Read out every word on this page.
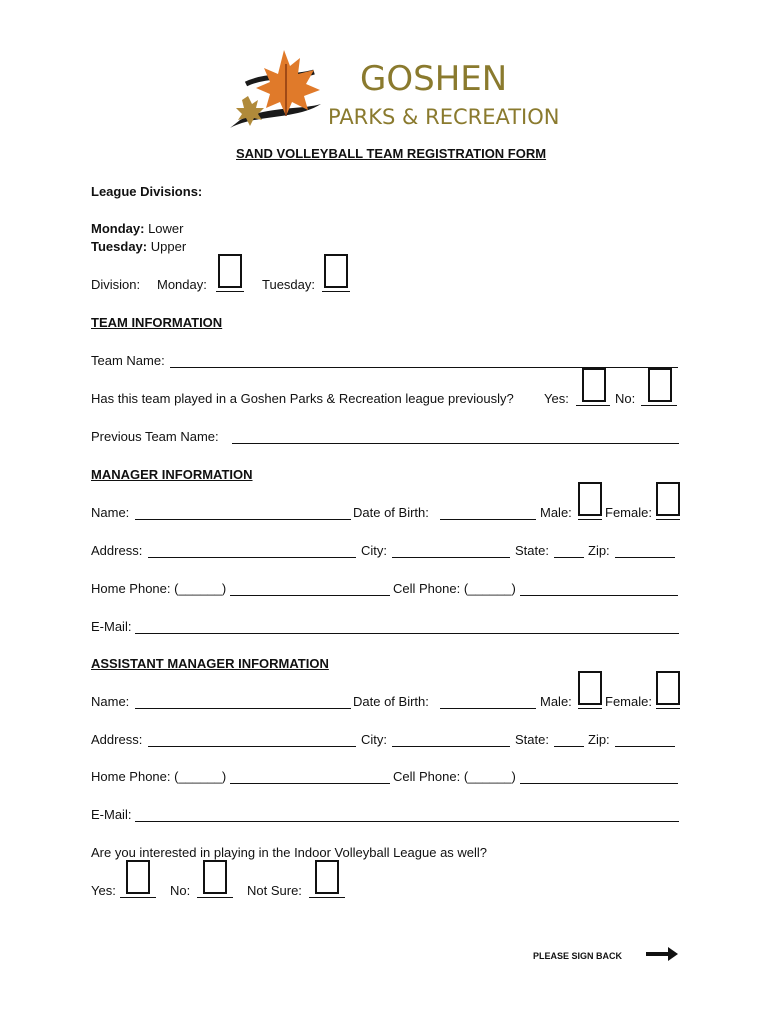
GOSHEN
PARKS & RECREATION
SAND VOLLEYBALL TEAM REGISTRATION FORM
League Divisions:
Monday: Lower
Tuesday: Upper
Division: Monday:	Tuesday:
TEAM INFORMATION
Team Name:
Has this team played in a Goshen Parks & Recreation league previously? Yes:	No:
Previous Team Name:
MANAGER INFORMATION
Name:	Date of Birth:	Male:	Female:
Address:	City:	State:	Zip:
Home Phone: (______)	Cell Phone: (______)
E-Mail:
ASSISTANT MANAGER INFORMATION
Name:	Date of Birth:	Male:	Female:
Address:	City:	State:	Zip:
Home Phone: (______)	Cell Phone: (______)
E-Mail:
Are you interested in playing in the Indoor Volleyball League as well?
Yes:	No:	Not Sure:
PLEASE SIGN BACK
